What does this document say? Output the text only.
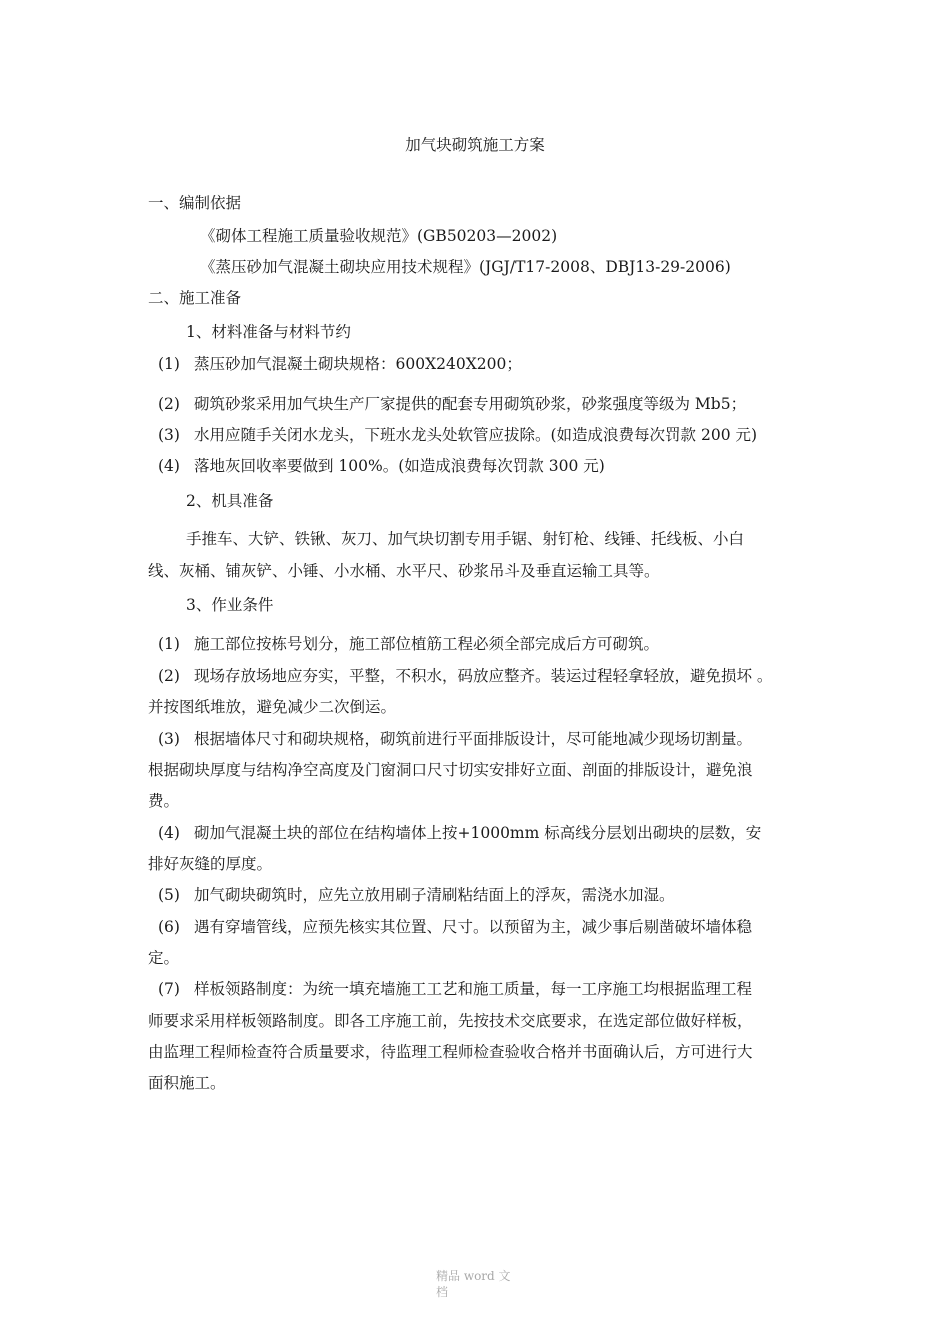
加气块砌筑施工方案
一、编制依据
《砌体工程施工质量验收规范》(GB50203—2002)
《蒸压砂加气混凝土砌块应用技术规程》(JGJ/T17-2008、DBJ13-29-2006)
二、施工准备
1、材料准备与材料节约
(1) 蒸压砂加气混凝土砌块规格：600X240X200；
(2) 砌筑砂浆采用加气块生产厂家提供的配套专用砌筑砂浆，砂浆强度等级为 Mb5；
(3) 水用应随手关闭水龙头，下班水龙头处软管应拔除。(如造成浪费每次罚款 200 元)
(4) 落地灰回收率要做到 100%。(如造成浪费每次罚款 300 元)
2、机具准备
手推车、大铲、铁锹、灰刀、加气块切割专用手锯、射钉枪、线锤、托线板、小白
线、灰桶、铺灰铲、小锤、小水桶、水平尺、砂浆吊斗及垂直运输工具等。
3、作业条件
(1) 施工部位按栋号划分，施工部位植筋工程必须全部完成后方可砌筑。
(2) 现场存放场地应夯实，平整，不积水，码放应整齐。装运过程轻拿轻放，避免损坏 。
并按图纸堆放，避免减少二次倒运。
(3) 根据墙体尺寸和砌块规格，砌筑前进行平面排版设计，尽可能地减少现场切割量。
根据砌块厚度与结构净空高度及门窗洞口尺寸切实安排好立面、剖面的排版设计，避免浪
费。
(4) 砌加气混凝土块的部位在结构墙体上按+1000mm 标高线分层划出砌块的层数，安
排好灰缝的厚度。
(5) 加气砌块砌筑时，应先立放用刷子清刷粘结面上的浮灰，需浇水加湿。
(6) 遇有穿墙管线，应预先核实其位置、尺寸。以预留为主，减少事后剔凿破坏墙体稳
定。
(7) 样板领路制度：为统一填充墙施工工艺和施工质量，每一工序施工均根据监理工程
师要求采用样板领路制度。即各工序施工前，先按技术交底要求，在选定部位做好样板，
由监理工程师检查符合质量要求，待监理工程师检查验收合格并书面确认后，方可进行大
面积施工。
精品 word 文档
